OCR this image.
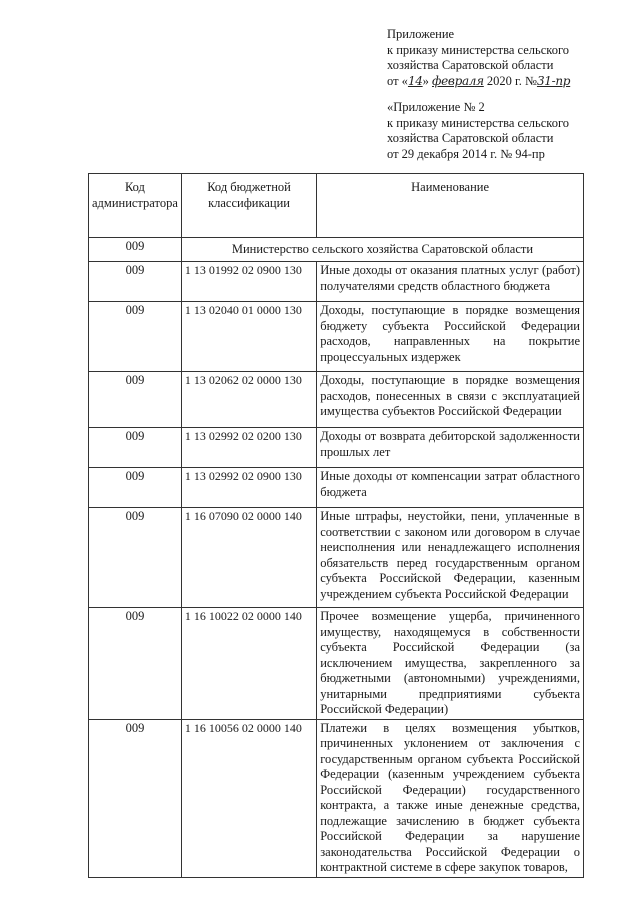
Приложение
к приказу министерства сельского
хозяйства Саратовской области
от «14» февраля 2020 г. №31-пр
«Приложение № 2
к приказу министерства сельского
хозяйства Саратовской области
от 29 декабря 2014 г. № 94-пр
Код администратора	Код бюджетной классификации	Наименование
009	Министерство сельского хозяйства Саратовской области	
009	1 13 01992 02 0900 130	Иные доходы от оказания платных услуг (работ) получателями средств областного бюджета
009	1 13 02040 01 0000 130	Доходы, поступающие в порядке возмещения бюджету субъекта Российской Федерации расходов, направленных на покрытие процессуальных издержек
009	1 13 02062 02 0000 130	Доходы, поступающие в порядке возмещения расходов, понесенных в связи с эксплуатацией имущества субъектов Российской Федерации
009	1 13 02992 02 0200 130	Доходы от возврата дебиторской задолженности прошлых лет
009	1 13 02992 02 0900 130	Иные доходы от компенсации затрат областного бюджета
009	1 16 07090 02 0000 140	Иные штрафы, неустойки, пени, уплаченные в соответствии с законом или договором в случае неисполнения или ненадлежащего исполнения обязательств перед государственным органом субъекта Российской Федерации, казенным учреждением субъекта Российской Федерации
009	1 16 10022 02 0000 140	Прочее возмещение ущерба, причиненного имуществу, находящемуся в собственности субъекта Российской Федерации (за исключением имущества, закрепленного за бюджетными (автономными) учреждениями, унитарными предприятиями субъекта Российской Федерации)
009	1 16 10056 02 0000 140	Платежи в целях возмещения убытков, причиненных уклонением от заключения с государственным органом субъекта Российской Федерации (казенным учреждением субъекта Российской Федерации) государственного контракта, а также иные денежные средства, подлежащие зачислению в бюджет субъекта Российской Федерации за нарушение законодательства Российской Федерации о контрактной системе в сфере закупок товаров,
